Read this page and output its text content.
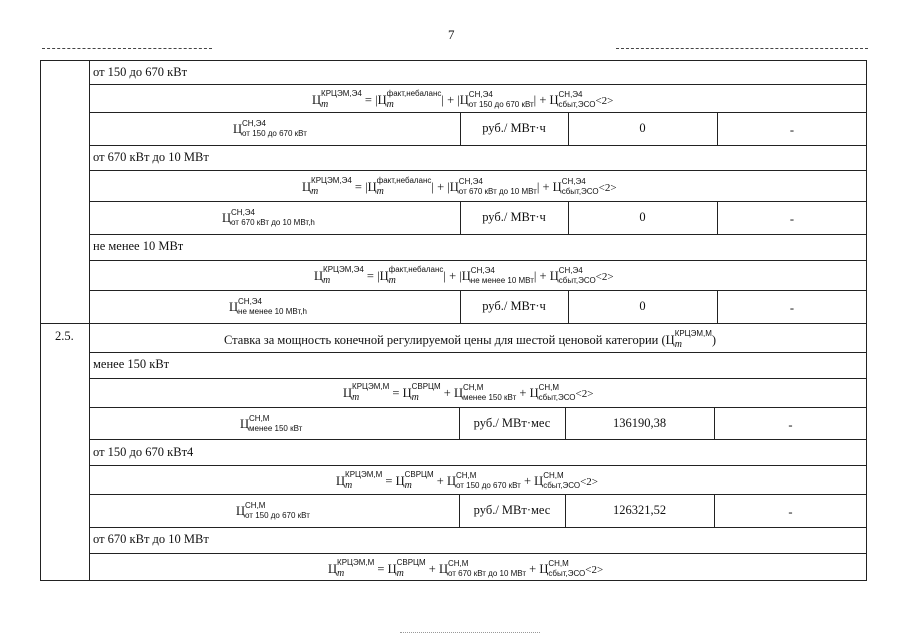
7
от 150 до 670 кВт
Ц КРЦЭМ,Э4
m	= |Ц факт,небаланс
m	| + |Ц СН,Э4
от 150 до 670 кВт | + Ц СН,Э4
сбыт,ЭСО <2>
Ц СН,Э4
от 150 до 670 кВт	руб./ МВт·ч	0	-
от 670 кВт до 10 МВт
Ц КРЦЭМ,Э4
m	= |Ц факт,небаланс
m	| + |Ц СН,Э4
от 670 кВт до 10 МВт | + Ц СН,Э4
сбыт,ЭСО <2>
Ц СН,Э4
от 670 кВт до 10 МВт,h	руб./ МВт·ч	0	-
не менее 10 МВт
Ц КРЦЭМ,Э4
m	= |Ц факт,небаланс
m	| + |Ц СН,Э4
не менее 10 МВт | + Ц СН,Э4
сбыт,ЭСО <2>
Ц СН,Э4
не менее 10 МВт,h	руб./ МВт·ч	0	-
2.5.	Ставка за мощность конечной регулируемой цены для шестой ценовой категории (Ц КРЦЭМ,М
m	)
менее 150 кВт
Ц КРЦЭМ,М
m	= Ц СВРЦМ
m	+ Ц СН,М
менее 150 кВт + Ц СН,М
сбыт,ЭСО <2>
Ц СН,М
менее 150 кВт	руб./ МВт·мес	136190,38	-
от 150 до 670 кВт4
Ц КРЦЭМ,М
m	= Ц СВРЦМ
m	+ Ц СН,М
от 150 до 670 кВт + Ц СН,М
сбыт,ЭСО <2>
Ц СН,М
от 150 до 670 кВт	руб./ МВт·мес	126321,52	-
от 670 кВт до 10 МВт
Ц КРЦЭМ,М
m	= Ц СВРЦМ
m	+ Ц СН,М
от 670 кВт до 10 МВт + Ц СН,М
сбыт,ЭСО <2>
